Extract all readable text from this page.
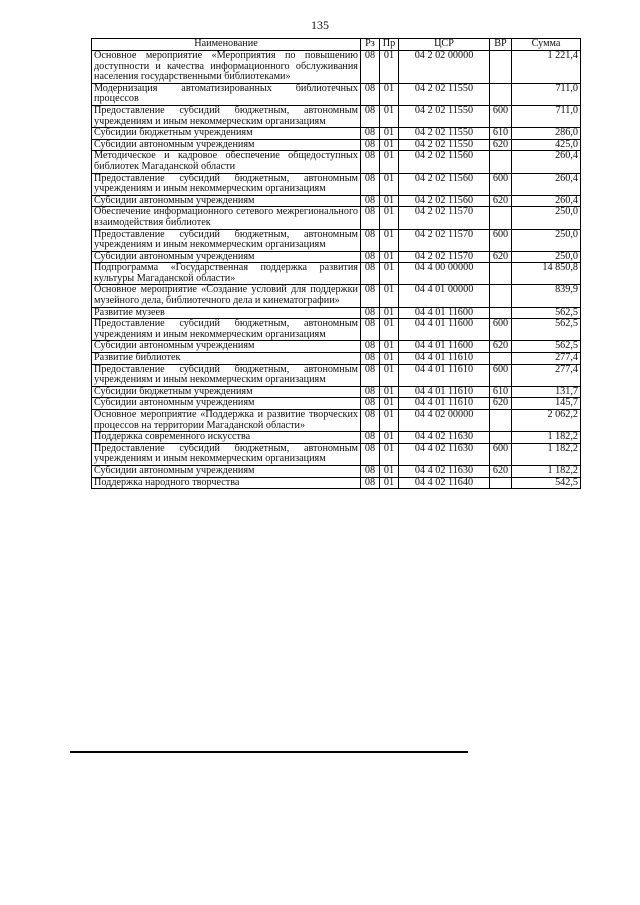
135
Наименование	Рз	Пр	ЦСР	ВР	Сумма
Основное мероприятие «Мероприятия по повышению доступности и качества информационного обслуживания населения государственными библиотеками»	08	01	04 2 02 00000		1 221,4
Модернизация автоматизированных библиотечных процессов	08	01	04 2 02 11550		711,0
Предоставление субсидий бюджетным, автономным учреждениям и иным некоммерческим организациям	08	01	04 2 02 11550	600	711,0
Субсидии бюджетным учреждениям	08	01	04 2 02 11550	610	286,0
Субсидии автономным учреждениям	08	01	04 2 02 11550	620	425,0
Методическое и кадровое обеспечение общедоступных библиотек Магаданской области	08	01	04 2 02 11560		260,4
Предоставление субсидий бюджетным, автономным учреждениям и иным некоммерческим организациям	08	01	04 2 02 11560	600	260,4
Субсидии автономным учреждениям	08	01	04 2 02 11560	620	260,4
Обеспечение информационного сетевого межрегионального взаимодействия библиотек	08	01	04 2 02 11570		250,0
Предоставление субсидий бюджетным, автономным учреждениям и иным некоммерческим организациям	08	01	04 2 02 11570	600	250,0
Субсидии автономным учреждениям	08	01	04 2 02 11570	620	250,0
Подпрограмма «Государственная поддержка развития культуры Магаданской области»	08	01	04 4 00 00000		14 850,8
Основное мероприятие «Создание условий для поддержки музейного дела, библиотечного дела и кинематографии»	08	01	04 4 01 00000		839,9
Развитие музеев	08	01	04 4 01 11600		562,5
Предоставление субсидий бюджетным, автономным учреждениям и иным некоммерческим организациям	08	01	04 4 01 11600	600	562,5
Субсидии автономным учреждениям	08	01	04 4 01 11600	620	562,5
Развитие библиотек	08	01	04 4 01 11610		277,4
Предоставление субсидий бюджетным, автономным учреждениям и иным некоммерческим организациям	08	01	04 4 01 11610	600	277,4
Субсидии бюджетным учреждениям	08	01	04 4 01 11610	610	131,7
Субсидии автономным учреждениям	08	01	04 4 01 11610	620	145,7
Основное мероприятие «Поддержка и развитие творческих процессов на территории Магаданской области»	08	01	04 4 02 00000		2 062,2
Поддержка современного искусства	08	01	04 4 02 11630		1 182,2
Предоставление субсидий бюджетным, автономным учреждениям и иным некоммерческим организациям	08	01	04 4 02 11630	600	1 182,2
Субсидии автономным учреждениям	08	01	04 4 02 11630	620	1 182,2
Поддержка народного творчества	08	01	04 4 02 11640		542,5
